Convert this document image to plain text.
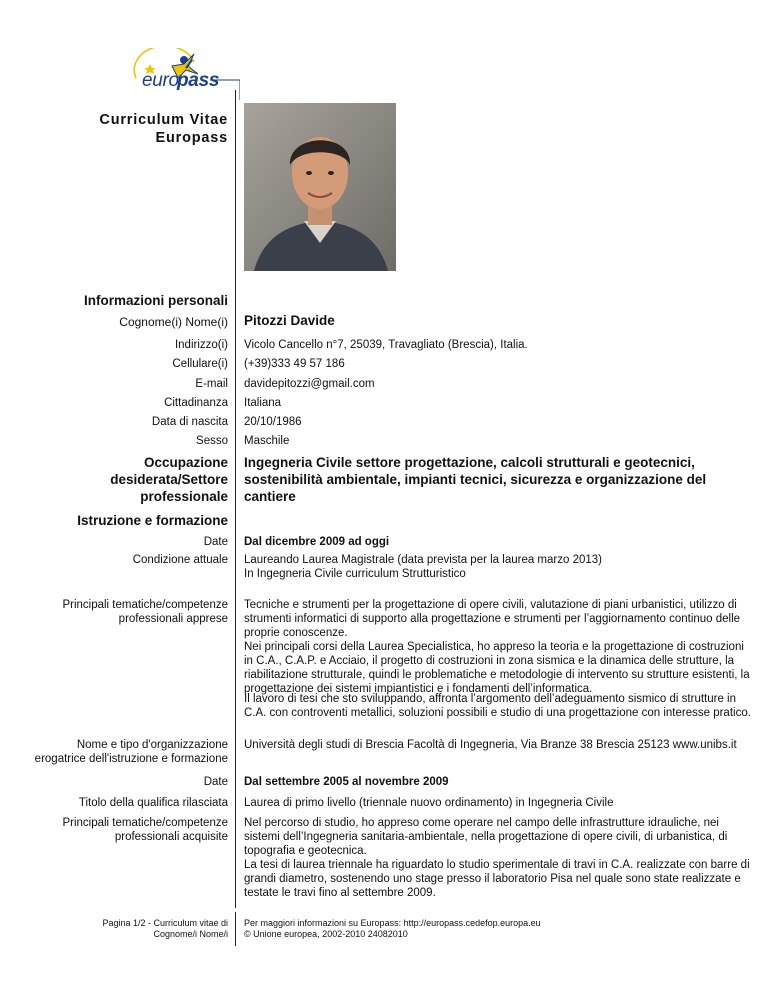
euro
pass
Curriculum Vitae
Europass
Informazioni personali
Cognome(i) Nome(i) Pitozzi Davide
Indirizzo(i) Vicolo Cancello n°7, 25039, Travagliato (Brescia), Italia.
Cellulare(i) (+39)333 49 57 186
E-mail davidepitozzi@gmail.com
Cittadinanza Italiana
Data di nascita 20/10/1986
Sesso Maschile
Occupazione
desiderata/Settore
professionale
Ingegneria Civile settore progettazione, calcoli strutturali e geotecnici, sostenibilità ambientale, impianti tecnici, sicurezza e organizzazione del cantiere
Istruzione e formazione
Date Dal dicembre 2009 ad oggi
Condizione attuale Laureando Laurea Magistrale (data prevista per la laurea marzo 2013)
In Ingegneria Civile curriculum Strutturistico
Principali tematiche/competenze
professionali apprese
Tecniche e strumenti per la progettazione di opere civili, valutazione di piani urbanistici, utilizzo di strumenti informatici di supporto alla progettazione e strumenti per l’aggiornamento continuo delle proprie conoscenze.
Nei principali corsi della Laurea Specialistica, ho appreso la teoria e la progettazione di costruzioni in C.A., C.A.P. e Acciaio, il progetto di costruzioni in zona sismica e la dinamica delle strutture, la riabilitazione strutturale, quindi le problematiche e metodologie di intervento su strutture esistenti, la progettazione dei sistemi impiantistici e i fondamenti dell’informatica.
Il lavoro di tesi che sto sviluppando, affronta l’argomento dell’adeguamento sismico di strutture in C.A. con controventi metallici, soluzioni possibili e studio di una progettazione con interesse pratico.
Nome e tipo d'organizzazione
erogatrice dell'istruzione e formazione
Università degli studi di Brescia Facoltà di Ingegneria, Via Branze 38 Brescia 25123 www.unibs.it
Date Dal settembre 2005 al novembre 2009
Titolo della qualifica rilasciata Laurea di primo livello (triennale nuovo ordinamento) in Ingegneria Civile
Principali tematiche/competenze
professionali acquisite
Nel percorso di studio, ho appreso come operare nel campo delle infrastrutture idrauliche, nei sistemi dell’Ingegneria sanitaria-ambientale, nella progettazione di opere civili, di urbanistica, di topografia e geotecnica.
La tesi di laurea triennale ha riguardato lo studio sperimentale di travi in C.A. realizzate con barre di grandi diametro, sostenendo uno stage presso il laboratorio Pisa nel quale sono state realizzate e testate le travi fino al settembre 2009.
Pagina 1/2 - Curriculum vitae di
Cognome/i Nome/i
Per maggiori informazioni su Europass: http://europass.cedefop.europa.eu
© Unione europea, 2002-2010 24082010
